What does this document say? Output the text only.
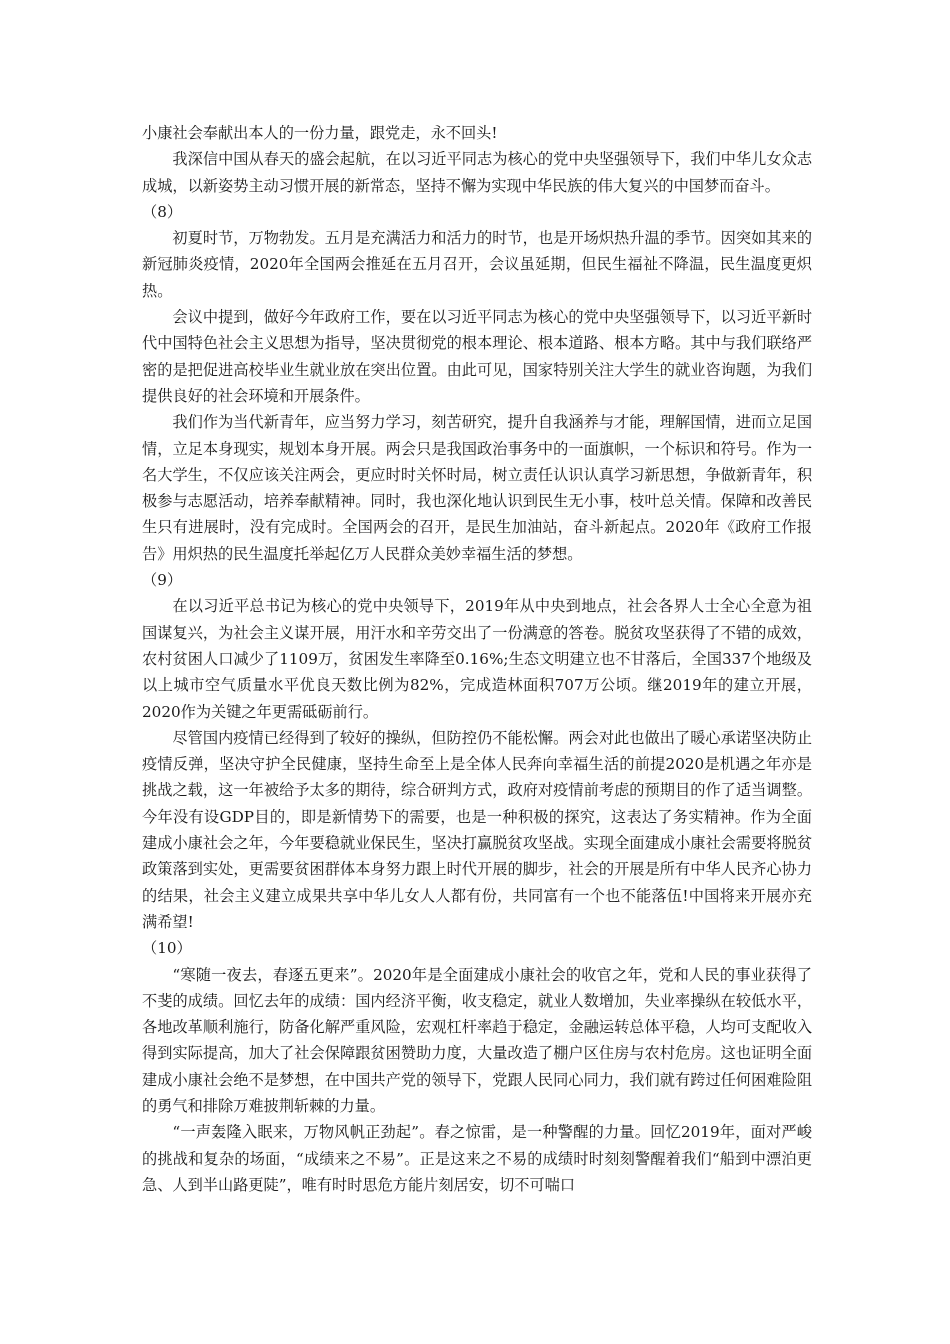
小康社会奉献出本人的一份力量，跟党走，永不回头!

我深信中国从春天的盛会起航，在以习近平同志为核心的党中央坚强领导下，我们中华儿女众志成城，以新姿势主动习惯开展的新常态，坚持不懈为实现中华民族的伟大复兴的中国梦而奋斗。

（8）

初夏时节，万物勃发。五月是充满活力和活力的时节，也是开场炽热升温的季节。因突如其来的新冠肺炎疫情，2020年全国两会推延在五月召开，会议虽延期，但民生福祉不降温，民生温度更炽热。

会议中提到，做好今年政府工作，要在以习近平同志为核心的党中央坚强领导下，以习近平新时代中国特色社会主义思想为指导，坚决贯彻党的根本理论、根本道路、根本方略。其中与我们联络严密的是把促进高校毕业生就业放在突出位置。由此可见，国家特别关注大学生的就业咨询题，为我们提供良好的社会环境和开展条件。

我们作为当代新青年，应当努力学习，刻苦研究，提升自我涵养与才能，理解国情，进而立足国情，立足本身现实，规划本身开展。两会只是我国政治事务中的一面旗帜，一个标识和符号。作为一名大学生，不仅应该关注两会，更应时时关怀时局，树立责任认识认真学习新思想，争做新青年，积极参与志愿活动，培养奉献精神。同时，我也深化地认识到民生无小事，枝叶总关情。保障和改善民生只有进展时，没有完成时。全国两会的召开，是民生加油站，奋斗新起点。2020年《政府工作报告》用炽热的民生温度托举起亿万人民群众美妙幸福生活的梦想。

（9）

在以习近平总书记为核心的党中央领导下，2019年从中央到地点，社会各界人士全心全意为祖国谋复兴，为社会主义谋开展，用汗水和辛劳交出了一份满意的答卷。脱贫攻坚获得了不错的成效，农村贫困人口减少了1109万，贫困发生率降至0.16%;生态文明建立也不甘落后，全国337个地级及以上城市空气质量水平优良天数比例为82%，完成造林面积707万公顷。继2019年的建立开展，2020作为关键之年更需砥砺前行。

尽管国内疫情已经得到了较好的操纵，但防控仍不能松懈。两会对此也做出了暖心承诺坚决防止疫情反弹，坚决守护全民健康，坚持生命至上是全体人民奔向幸福生活的前提2020是机遇之年亦是挑战之载，这一年被给予太多的期待，综合研判方式，政府对疫情前考虑的预期目的作了适当调整。今年没有设GDP目的，即是新情势下的需要，也是一种积极的探究，这表达了务实精神。作为全面建成小康社会之年，今年要稳就业保民生，坚决打赢脱贫攻坚战。实现全面建成小康社会需要将脱贫政策落到实处，更需要贫困群体本身努力跟上时代开展的脚步，社会的开展是所有中华人民齐心协力的结果，社会主义建立成果共享中华儿女人人都有份，共同富有一个也不能落伍!中国将来开展亦充满希望!

（10）

“寒随一夜去，春逐五更来”。2020年是全面建成小康社会的收官之年，党和人民的事业获得了不斐的成绩。回忆去年的成绩：国内经济平衡，收支稳定，就业人数增加，失业率操纵在较低水平，各地改革顺利施行，防备化解严重风险，宏观杠杆率趋于稳定，金融运转总体平稳，人均可支配收入得到实际提高，加大了社会保障跟贫困赞助力度，大量改造了棚户区住房与农村危房。这也证明全面建成小康社会绝不是梦想，在中国共产党的领导下，党跟人民同心同力，我们就有跨过任何困难险阻的勇气和排除万难披荆斩棘的力量。

“一声轰隆入眠来，万物风帆正劲起”。春之惊雷，是一种警醒的力量。回忆2019年，面对严峻的挑战和复杂的场面，“成绩来之不易”。正是这来之不易的成绩时时刻刻警醒着我们“船到中漂泊更急、人到半山路更陡”，唯有时时思危方能片刻居安，切不可喘口
